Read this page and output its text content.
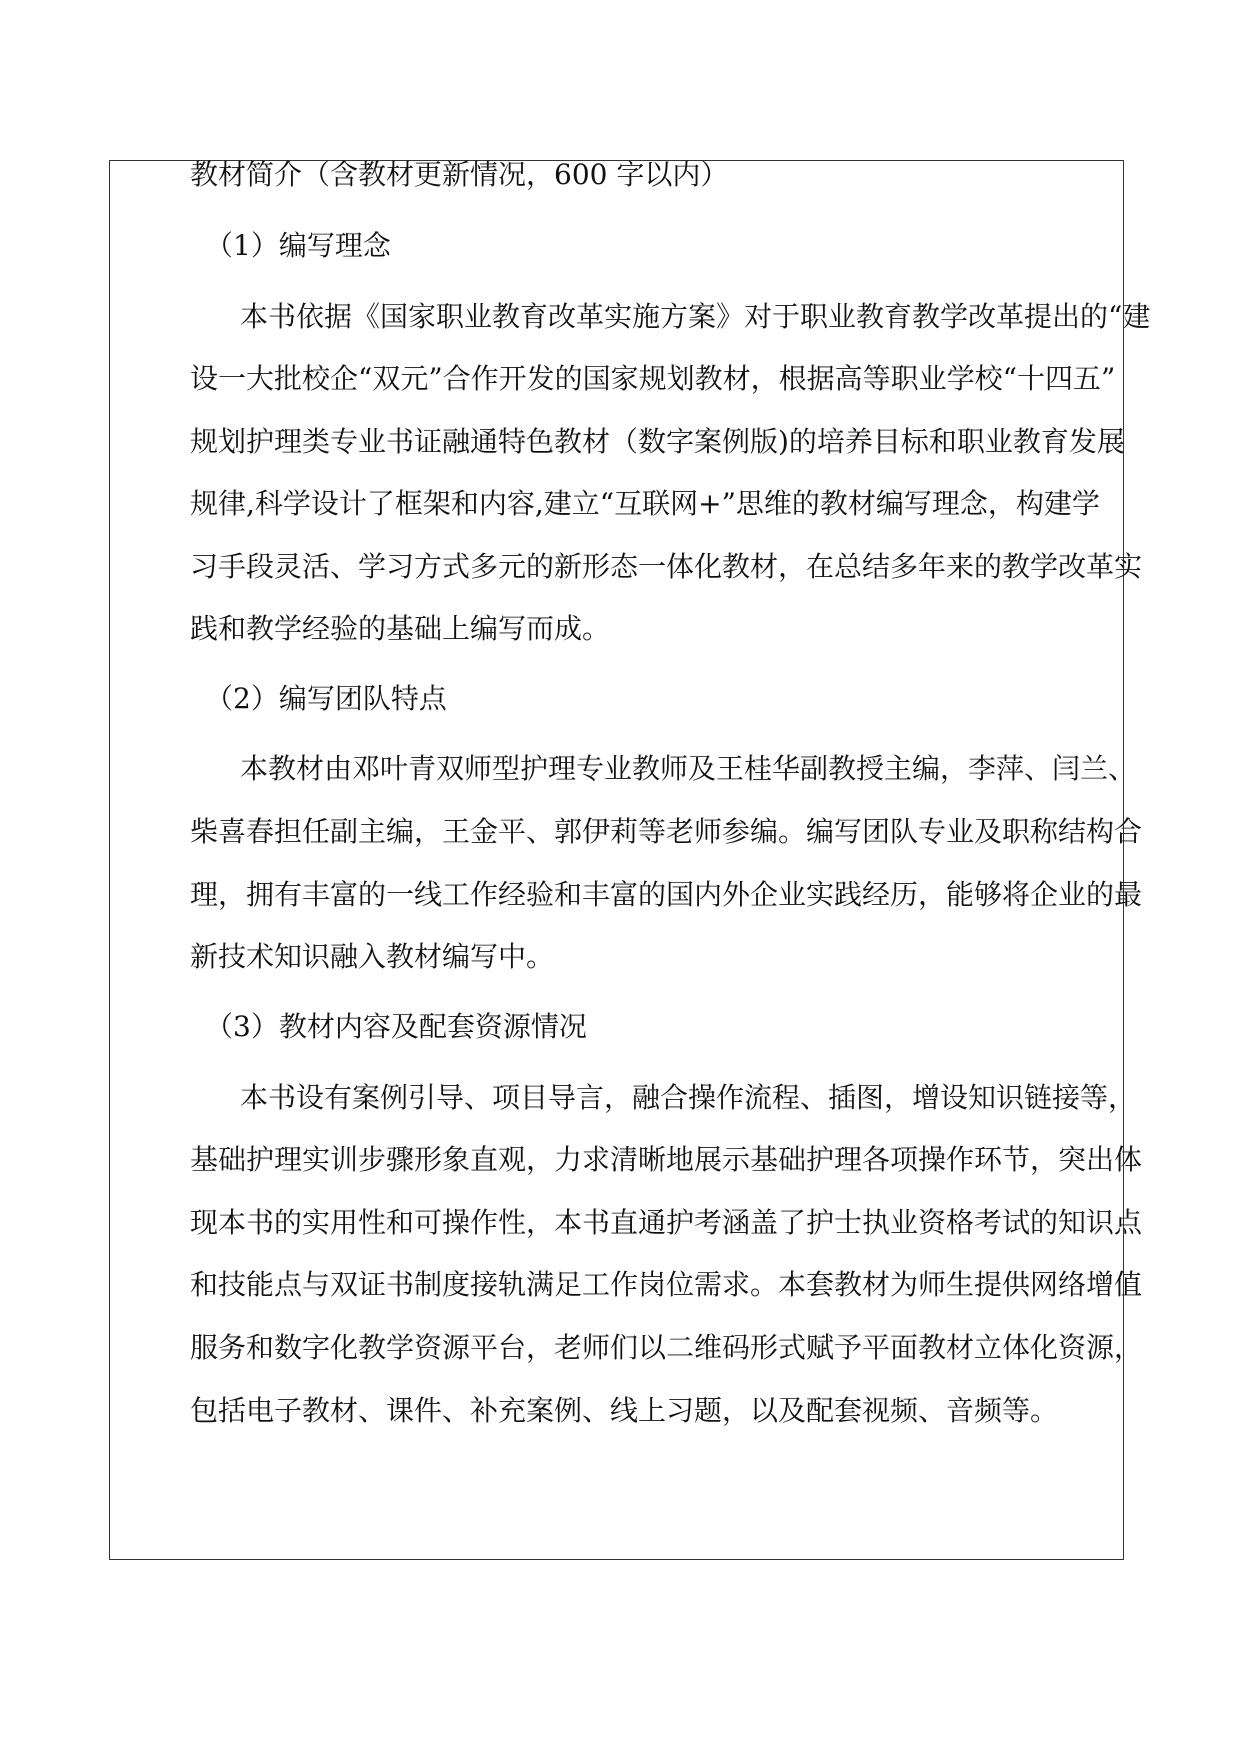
教材简介（含教材更新情况，600 字以内）
（1）编写理念
本书依据《国家职业教育改革实施方案》对于职业教育教学改革提出的“建
设一大批校企“双元”合作开发的国家规划教材，根据高等职业学校“十四五”
规划护理类专业书证融通特色教材（数字案例版)的培养目标和职业教育发展
规律,科学设计了框架和内容,建立“互联网+”思维的教材编写理念，构建学
习手段灵活、学习方式多元的新形态一体化教材，在总结多年来的教学改革实
践和教学经验的基础上编写而成。
（2）编写团队特点
本教材由邓叶青双师型护理专业教师及王桂华副教授主编，李萍、闫兰、
柴喜春担任副主编，王金平、郭伊莉等老师参编。编写团队专业及职称结构合
理，拥有丰富的一线工作经验和丰富的国内外企业实践经历，能够将企业的最
新技术知识融入教材编写中。
（3）教材内容及配套资源情况
本书设有案例引导、项目导言，融合操作流程、插图，增设知识链接等，
基础护理实训步骤形象直观，力求清晰地展示基础护理各项操作环节，突出体
现本书的实用性和可操作性，本书直通护考涵盖了护士执业资格考试的知识点
和技能点与双证书制度接轨满足工作岗位需求。本套教材为师生提供网络增值
服务和数字化教学资源平台，老师们以二维码形式赋予平面教材立体化资源，
包括电子教材、课件、补充案例、线上习题，以及配套视频、音频等。
